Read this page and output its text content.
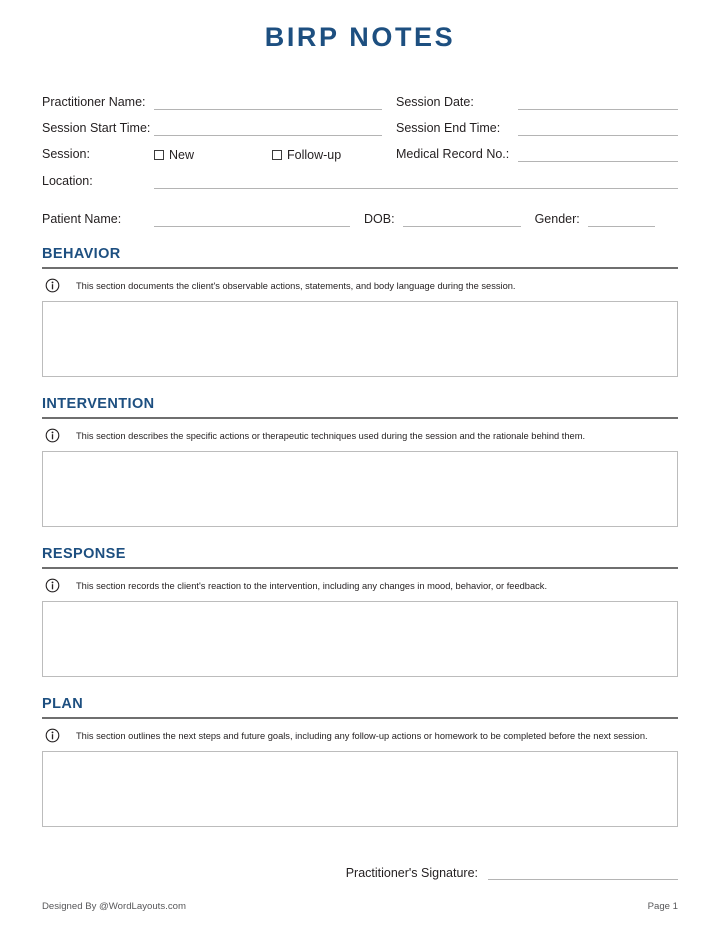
BIRP NOTES
Practitioner Name:	Session Date:
Session Start Time:	Session End Time:
Session:	New	Follow-up	Medical Record No.:
Location:
Patient Name:	DOB:	Gender:
BEHAVIOR
This section documents the client's observable actions, statements, and body language during the session.
INTERVENTION
This section describes the specific actions or therapeutic techniques used during the session and the rationale behind them.
RESPONSE
This section records the client's reaction to the intervention, including any changes in mood, behavior, or feedback.
PLAN
This section outlines the next steps and future goals, including any follow-up actions or homework to be completed before the next session.
Practitioner's Signature:
Designed By @WordLayouts.com	Page 1
